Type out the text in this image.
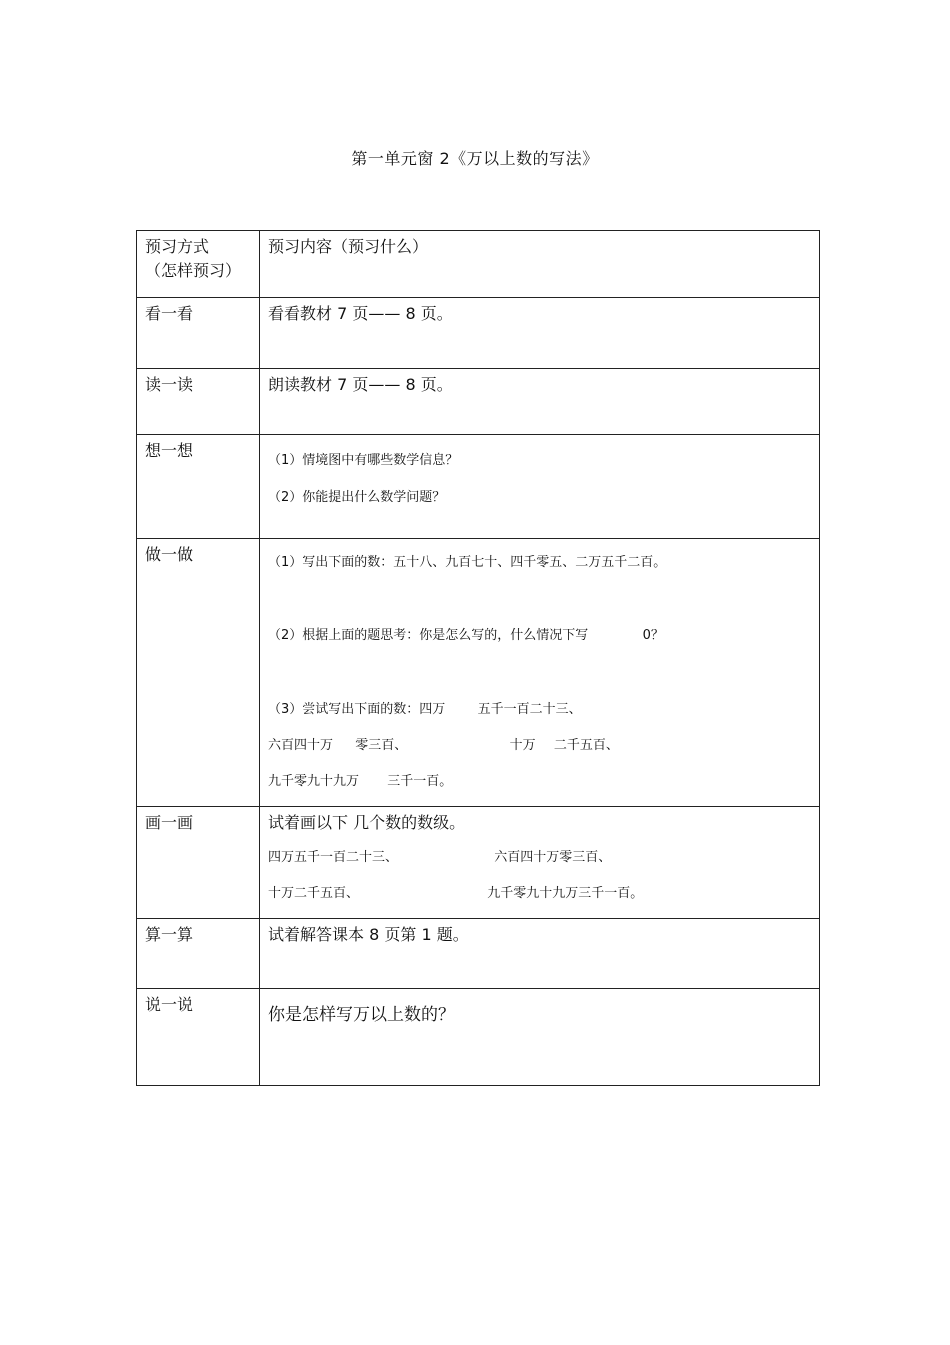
第一单元窗 2《万以上数的写法》
预习方式
（怎样预习）	预习内容（预习什么）

看一看	看看教材 7 页—— 8 页。

读一读	朗读教材 7 页—— 8 页。

想一想	（1）情境图中有哪些数学信息？
（2）你能提出什么数学问题？

做一做	（1）写出下面的数：五十八、九百七十、四千零五、二万五千二百。
（2）根据上面的题思考：你是怎么写的，什么情况下写 0？
（3）尝试写出下面的数：四万 五千一百二十三、
六百四十万 零三百、 十万 二千五百、
九千零九十九万 三千一百。

画一画	试着画以下 几个数的数级。
四万五千一百二十三、 六百四十万零三百、
十万二千五百、 九千零九十九万三千一百。

算一算	试着解答课本 8 页第 1 题。

说一说	你是怎样写万以上数的？
